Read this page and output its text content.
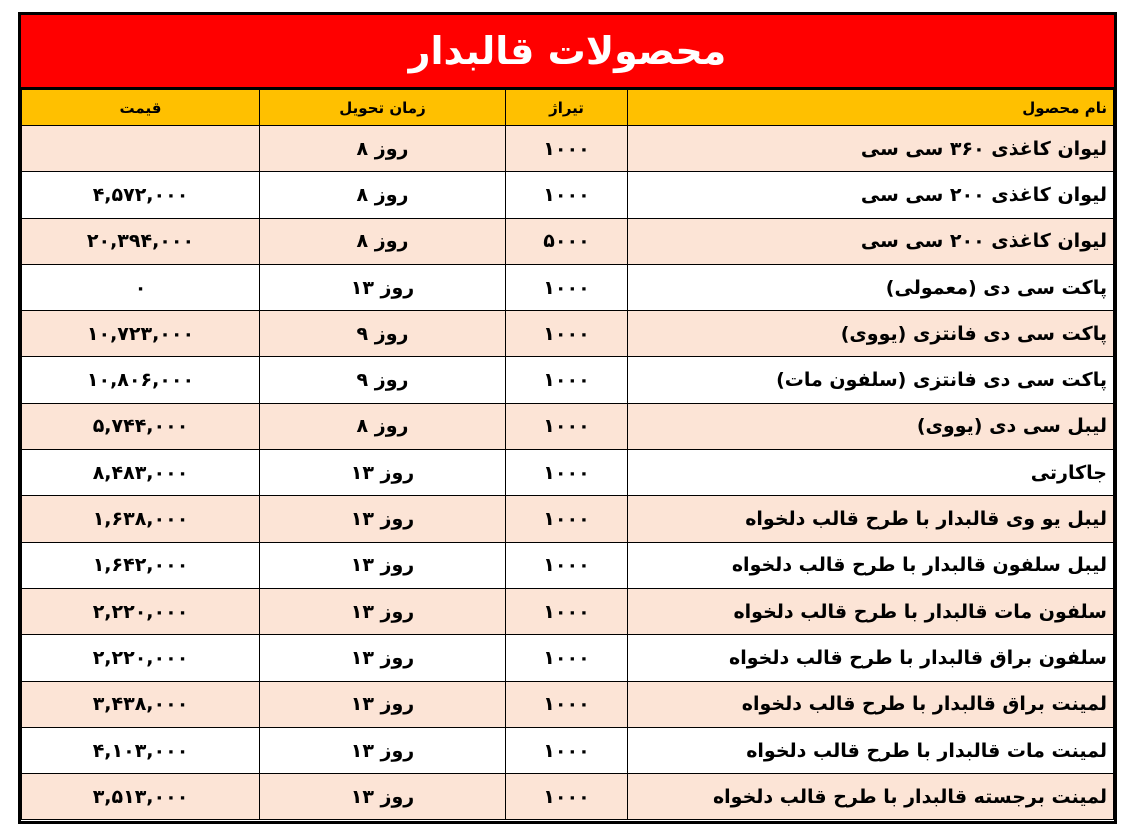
محصولات قالبدار
نام محصول	تیراژ	زمان تحویل	قیمت
لیوان کاغذی ۳۶۰ سی سی	۱۰۰۰	روز ۸	
لیوان کاغذی ۲۰۰ سی سی	۱۰۰۰	روز ۸	۴,۵۷۲,۰۰۰
لیوان کاغذی ۲۰۰ سی سی	۵۰۰۰	روز ۸	۲۰,۳۹۴,۰۰۰
پاکت سی دی (معمولی)	۱۰۰۰	روز ۱۳	۰
پاکت سی دی فانتزی (یووی)	۱۰۰۰	روز ۹	۱۰,۷۲۳,۰۰۰
پاکت سی دی فانتزی (سلفون مات)	۱۰۰۰	روز ۹	۱۰,۸۰۶,۰۰۰
لیبل سی دی (یووی)	۱۰۰۰	روز ۸	۵,۷۴۴,۰۰۰
جاکارتی	۱۰۰۰	روز ۱۳	۸,۴۸۳,۰۰۰
لیبل یو وی قالبدار با طرح قالب دلخواه	۱۰۰۰	روز ۱۳	۱,۶۳۸,۰۰۰
لیبل سلفون قالبدار با طرح قالب دلخواه	۱۰۰۰	روز ۱۳	۱,۶۴۲,۰۰۰
سلفون مات قالبدار با طرح قالب دلخواه	۱۰۰۰	روز ۱۳	۲,۲۲۰,۰۰۰
سلفون براق قالبدار با طرح قالب دلخواه	۱۰۰۰	روز ۱۳	۲,۲۲۰,۰۰۰
لمینت براق قالبدار با طرح قالب دلخواه	۱۰۰۰	روز ۱۳	۳,۴۳۸,۰۰۰
لمینت مات قالبدار با طرح قالب دلخواه	۱۰۰۰	روز ۱۳	۴,۱۰۳,۰۰۰
لمینت برجسته قالبدار با طرح قالب دلخواه	۱۰۰۰	روز ۱۳	۳,۵۱۳,۰۰۰
